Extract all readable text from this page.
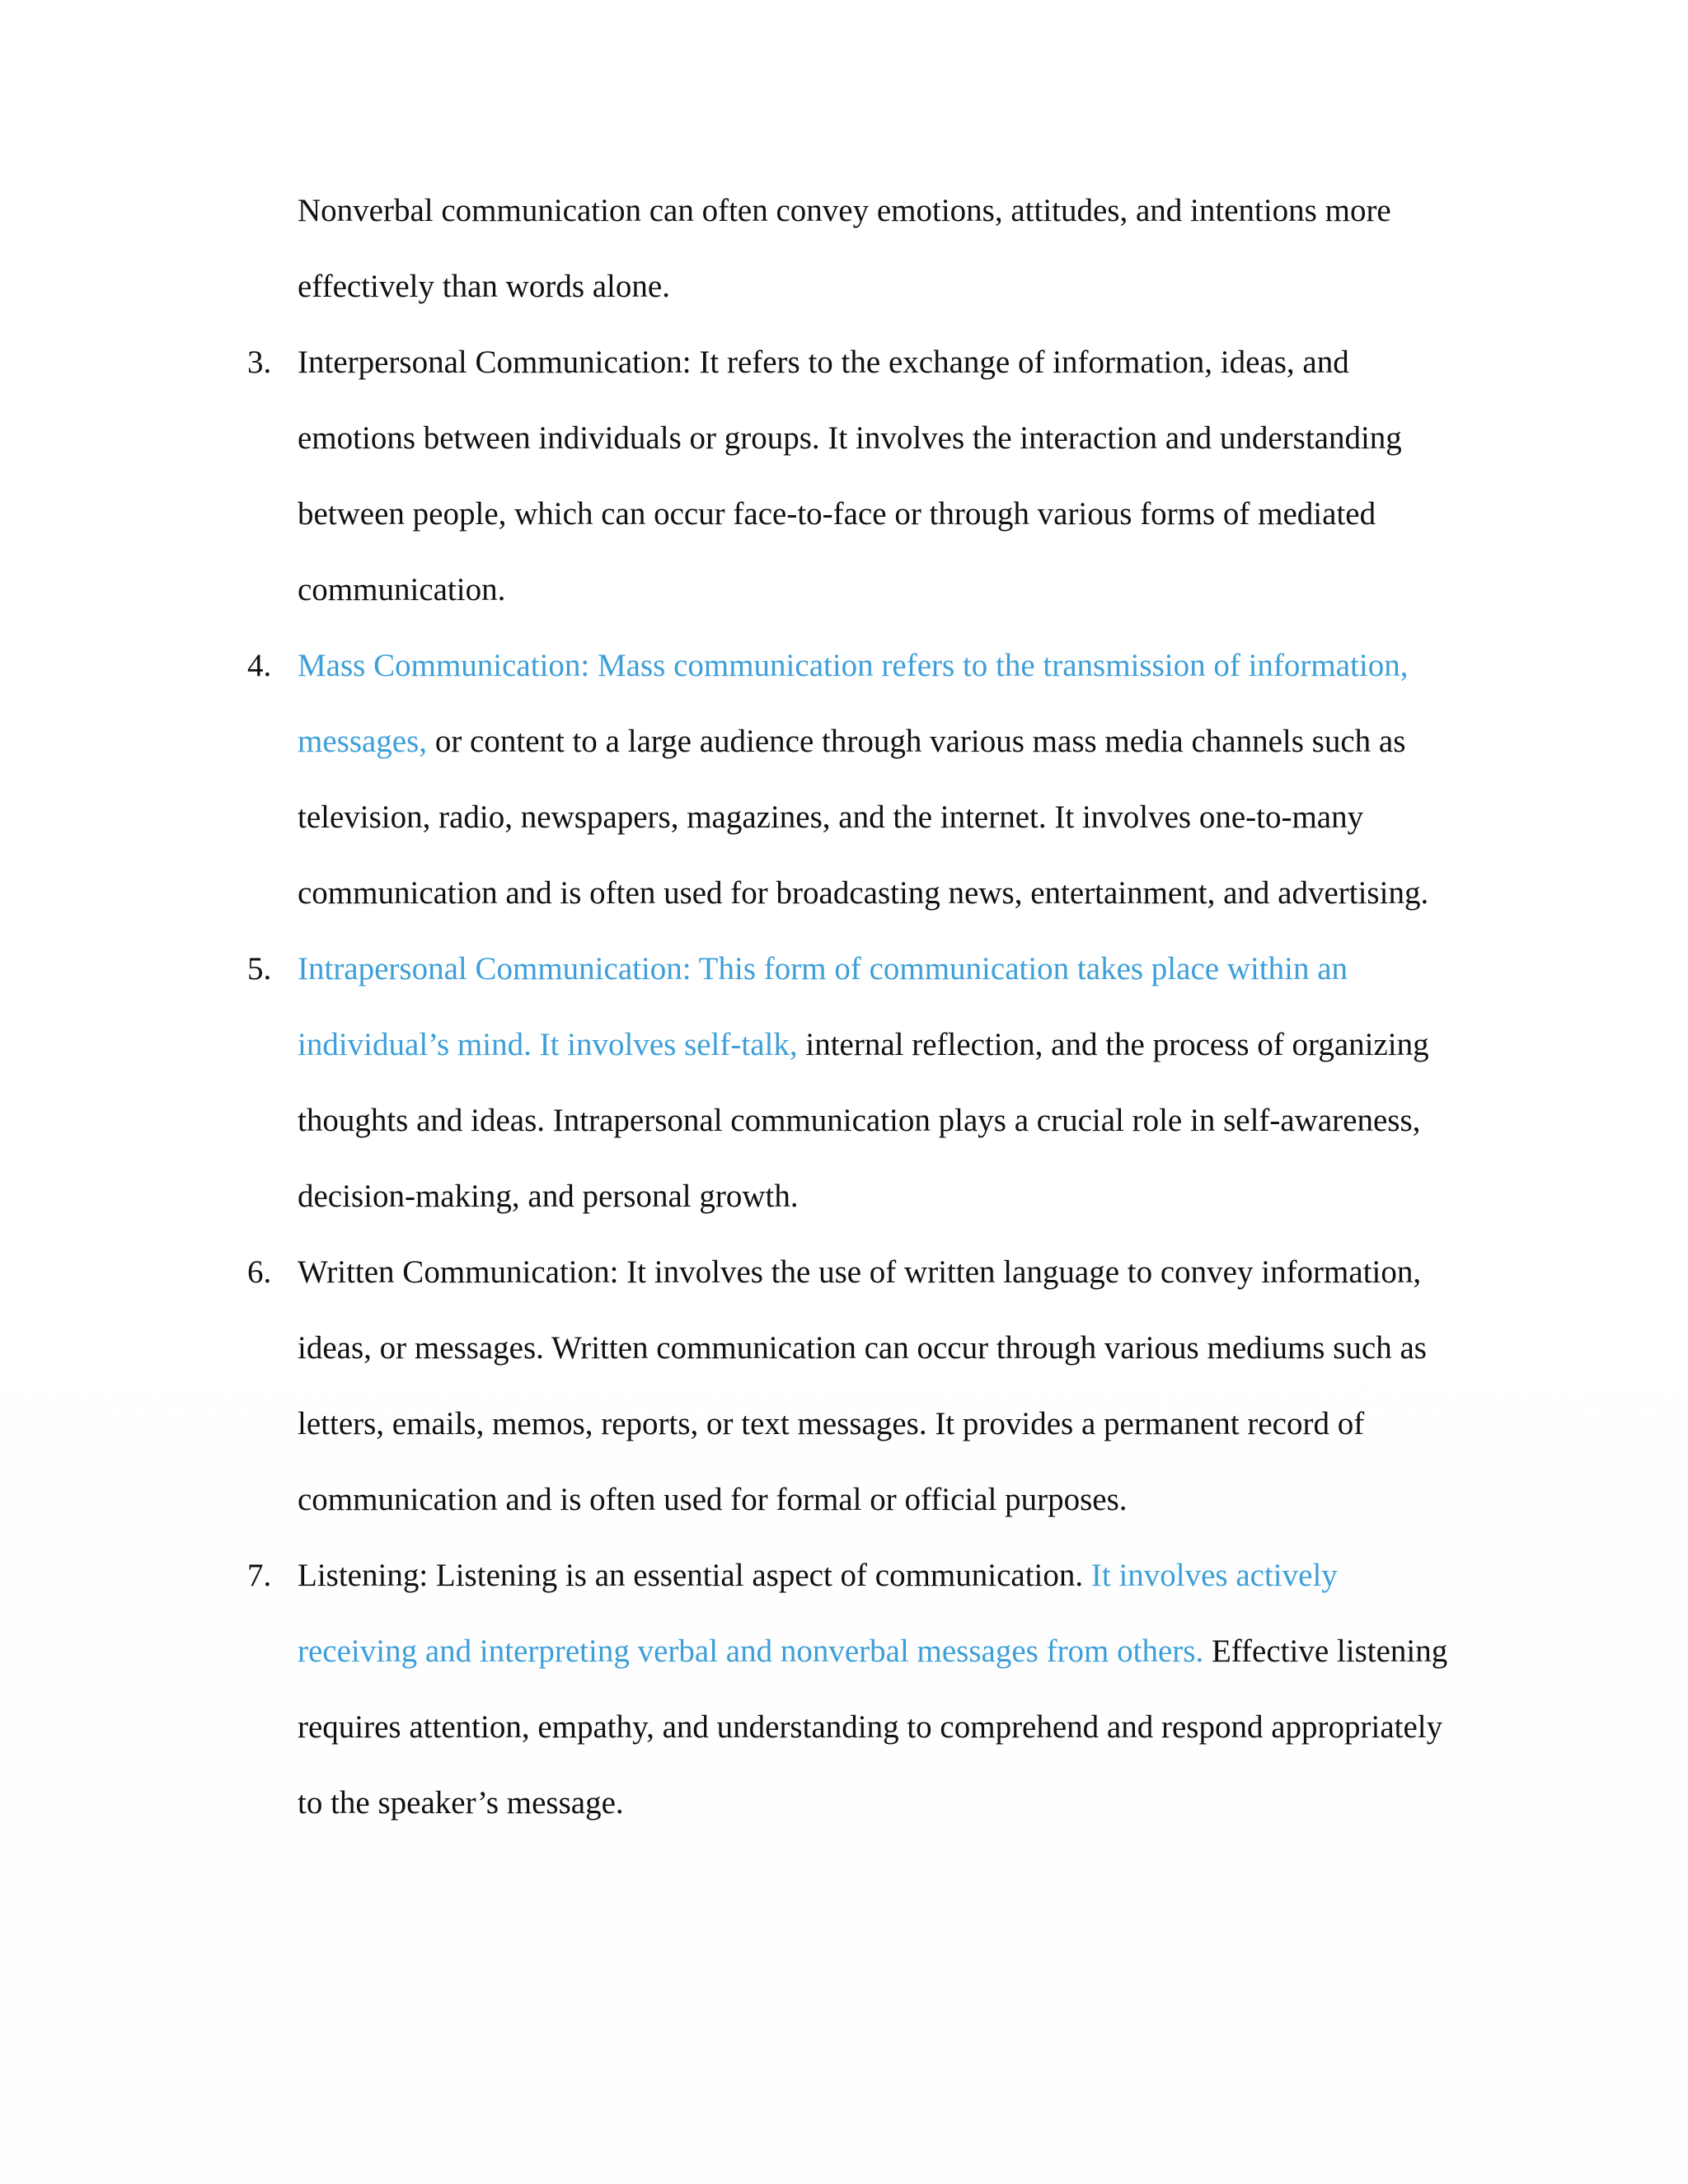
Nonverbal communication can often convey emotions, attitudes, and intentions more
effectively than words alone.
3. Interpersonal Communication: It refers to the exchange of information, ideas, and
emotions between individuals or groups. It involves the interaction and understanding
between people, which can occur face-to-face or through various forms of mediated
communication.
4. Mass Communication: Mass communication refers to the transmission of information,
messages, or content to a large audience through various mass media channels such as
television, radio, newspapers, magazines, and the internet. It involves one-to-many
communication and is often used for broadcasting news, entertainment, and advertising.
5. Intrapersonal Communication: This form of communication takes place within an
individual’s mind. It involves self-talk, internal reflection, and the process of organizing
thoughts and ideas. Intrapersonal communication plays a crucial role in self-awareness,
decision-making, and personal growth.
6. Written Communication: It involves the use of written language to convey information,
ideas, or messages. Written communication can occur through various mediums such as
letters, emails, memos, reports, or text messages. It provides a permanent record of
communication and is often used for formal or official purposes.
7. Listening: Listening is an essential aspect of communication. It involves actively
receiving and interpreting verbal and nonverbal messages from others. Effective listening
requires attention, empathy, and understanding to comprehend and respond appropriately
to the speaker’s message.
